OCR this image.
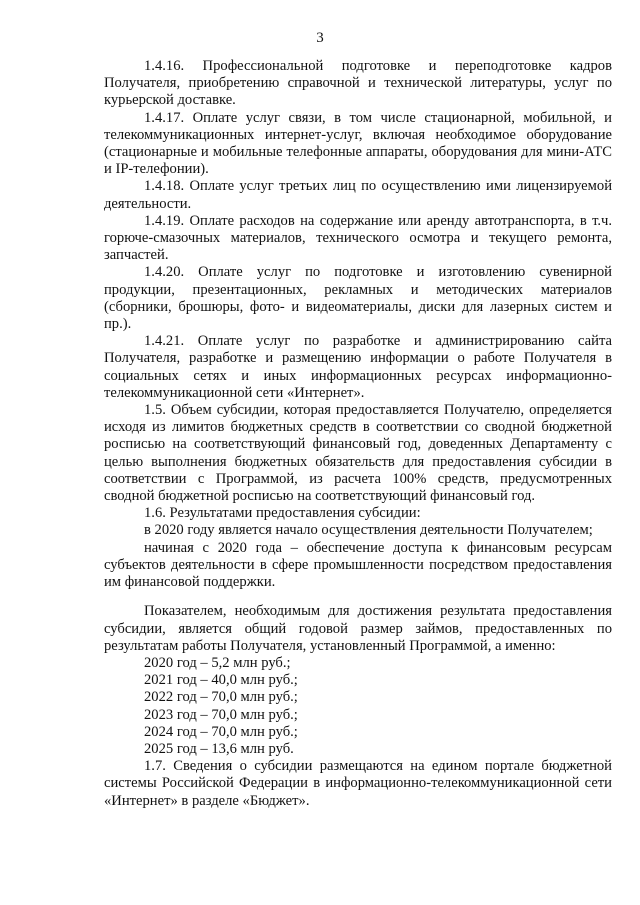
3

1.4.16. Профессиональной подготовке и переподготовке кадров Получателя, приобретению справочной и технической литературы, услуг по курьерской доставке.

1.4.17. Оплате услуг связи, в том числе стационарной, мобильной, и телекоммуникационных интернет-услуг, включая необходимое оборудование (стационарные и мобильные телефонные аппараты, оборудования для мини-АТС и IP-телефонии).

1.4.18. Оплате услуг третьих лиц по осуществлению ими лицензируемой деятельности.

1.4.19. Оплате расходов на содержание или аренду автотранспорта, в т.ч. горюче-смазочных материалов, технического осмотра и текущего ремонта, запчастей.

1.4.20. Оплате услуг по подготовке и изготовлению сувенирной продукции, презентационных, рекламных и методических материалов (сборники, брошюры, фото- и видеоматериалы, диски для лазерных систем и пр.).

1.4.21. Оплате услуг по разработке и администрированию сайта Получателя, разработке и размещению информации о работе Получателя в социальных сетях и иных информационных ресурсах информационно-телекоммуникационной сети «Интернет».

1.5. Объем субсидии, которая предоставляется Получателю, определяется исходя из лимитов бюджетных средств в соответствии со сводной бюджетной росписью на соответствующий финансовый год, доведенных Департаменту с целью выполнения бюджетных обязательств для предоставления субсидии в соответствии с Программой, из расчета 100% средств, предусмотренных сводной бюджетной росписью на соответствующий финансовый год.

1.6. Результатами предоставления субсидии:

в 2020 году является начало осуществления деятельности Получателем;

начиная с 2020 года – обеспечение доступа к финансовым ресурсам субъектов деятельности в сфере промышленности посредством предоставления им финансовой поддержки.

Показателем, необходимым для достижения результата предоставления субсидии, является общий годовой размер займов, предоставленных по результатам работы Получателя, установленный Программой, а именно:

2020 год – 5,2 млн руб.;

2021 год – 40,0 млн руб.;

2022 год – 70,0 млн руб.;

2023 год – 70,0 млн руб.;

2024 год – 70,0 млн руб.;

2025 год – 13,6 млн руб.

1.7. Сведения о субсидии размещаются на едином портале бюджетной системы Российской Федерации в информационно-телекоммуникационной сети «Интернет» в разделе «Бюджет».
